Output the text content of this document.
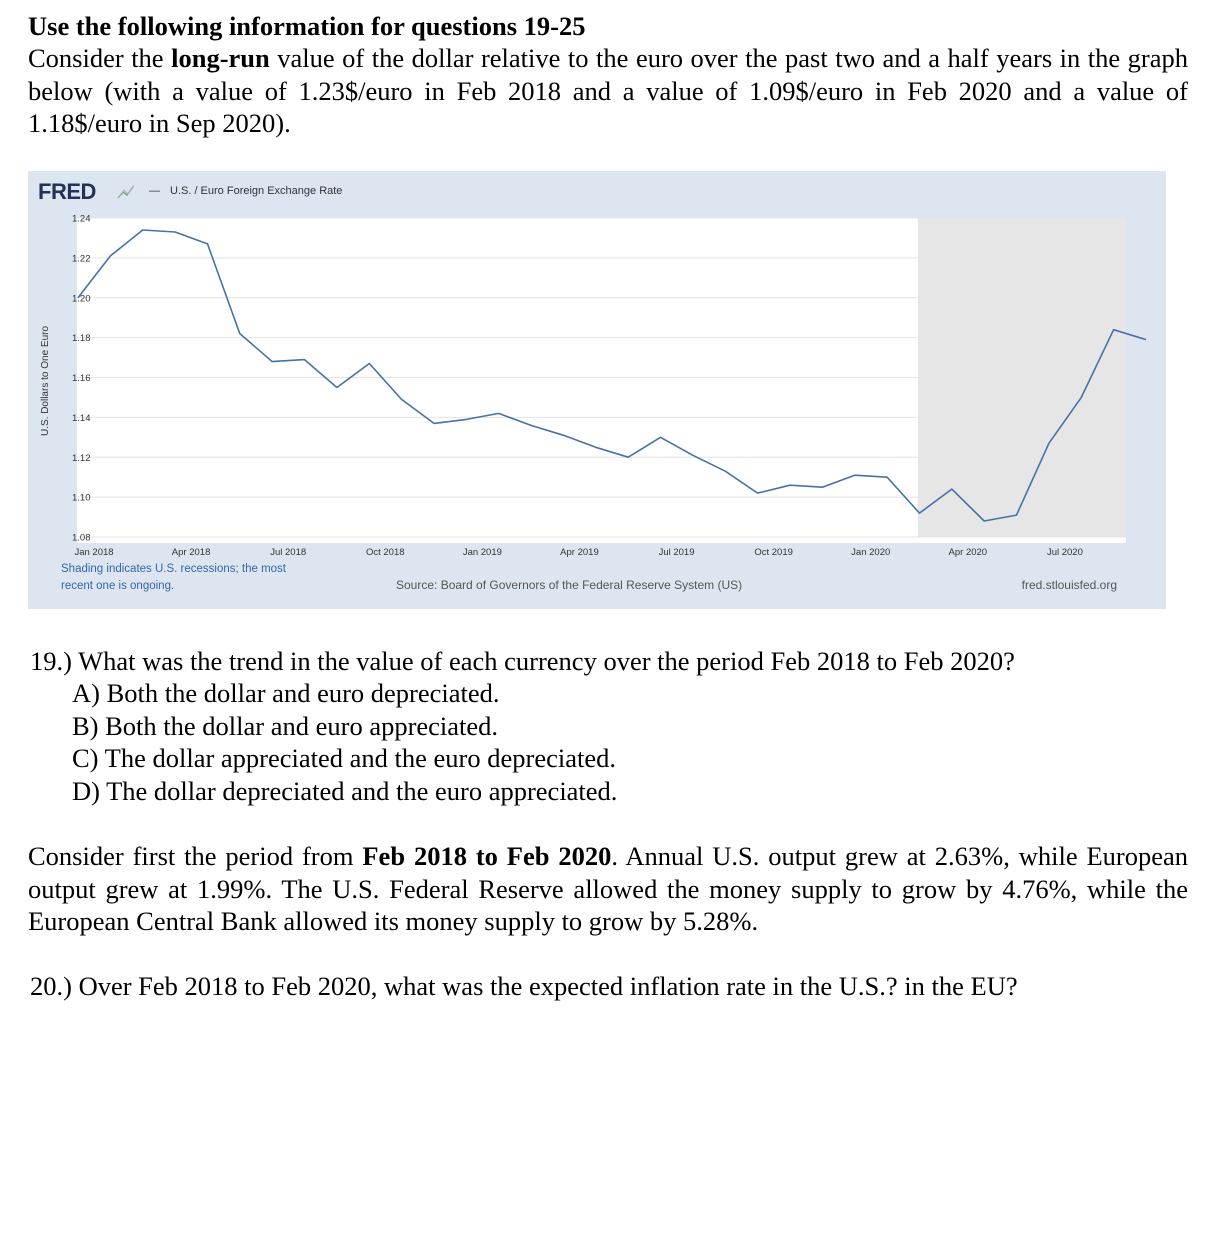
Use the following information for questions 19-25

Consider the long-run value of the dollar relative to the euro over the past two and a half years in the graph below (with a value of 1.23$/euro in Feb 2018 and a value of 1.09$/euro in Feb 2020 and a value of 1.18$/euro in Sep 2020).

1.08
1.10
1.12
1.14
1.16
1.18
1.20
1.22
1.24
Jan 2018	Apr 2018	Jul 2018	Oct 2018	Jan 2019	Apr 2019	Jul 2019	Oct 2019	Jan 2020	Apr 2020	Jul 2020
FRED	— U.S. / Euro Foreign Exchange Rate
U.S. Dollars to One Euro
Shading indicates U.S. recessions; the most
recent one is ongoing.	Source: Board of Governors of the Federal Reserve System (US)	fred.stlouisfed.org

19.) What was the trend in the value of each currency over the period Feb 2018 to Feb 2020?

A) Both the dollar and euro depreciated.
B) Both the dollar and euro appreciated.
C) The dollar appreciated and the euro depreciated.
D) The dollar depreciated and the euro appreciated.

Consider first the period from Feb 2018 to Feb 2020. Annual U.S. output grew at 2.63%, while European output grew at 1.99%. The U.S. Federal Reserve allowed the money supply to grow by 4.76%, while the European Central Bank allowed its money supply to grow by 5.28%.

20.) Over Feb 2018 to Feb 2020, what was the expected inflation rate in the U.S.? in the EU?
